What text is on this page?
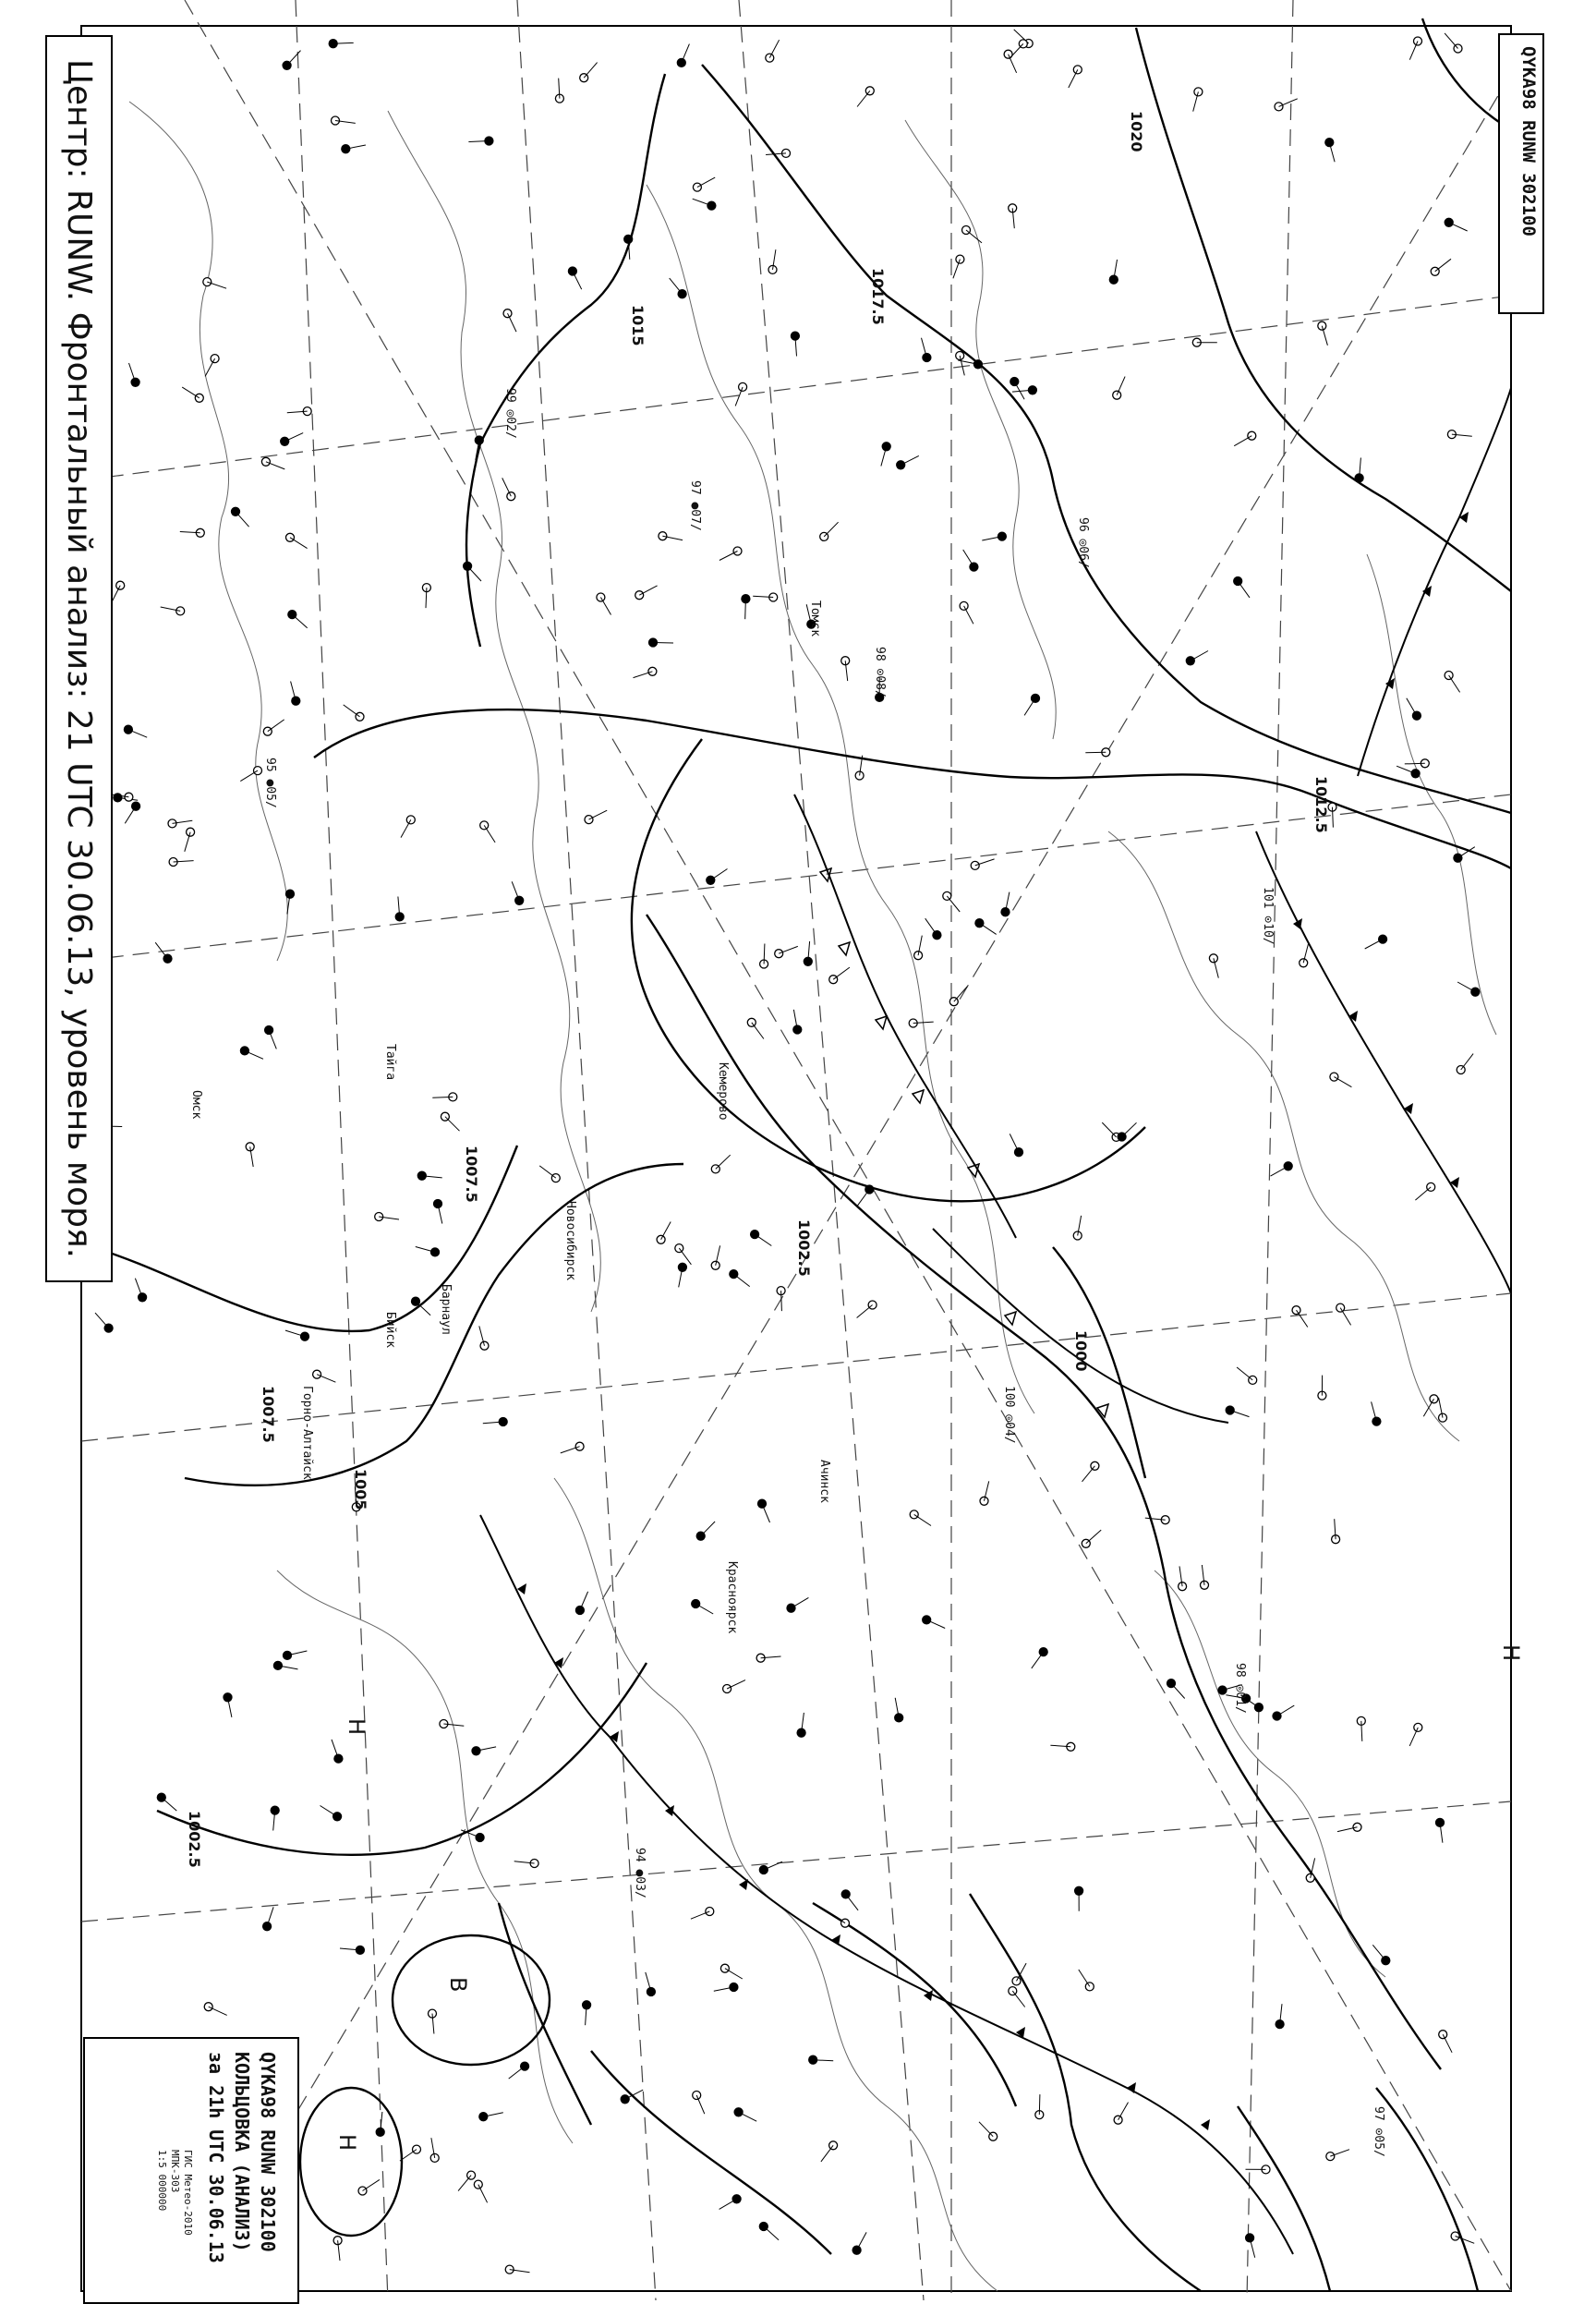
Центр: RUNW. Фронтальный анализ: 21 UTC 30.06.13, уровень моря.	QYKA98 RUNW 302100
QYKA98 RUNW 302100
КОЛЬЦОВКА (АНАЛИЗ)
за 21h UTC 30.06.13
ГИС Метео-2010
МПК-303
1:5 000000
1020
1017.5
1015
1012.5
1007.5
1005
1002.5
1000
1002.5
1007.5
Н
Н
В
Н
Тайга
Новосибирск
Барнаул
Красноярск
Ачинск
Бийск
Горно-Алтайск
Кемерово
Омск
Томск
99 ◎02/
97 ●07/
98 ⊙08/
96 ◎06/
101 ⊙10/
95 ●05/
100 ◎04/
94 ●03/
98 ◎01/
97 ⊙05/
